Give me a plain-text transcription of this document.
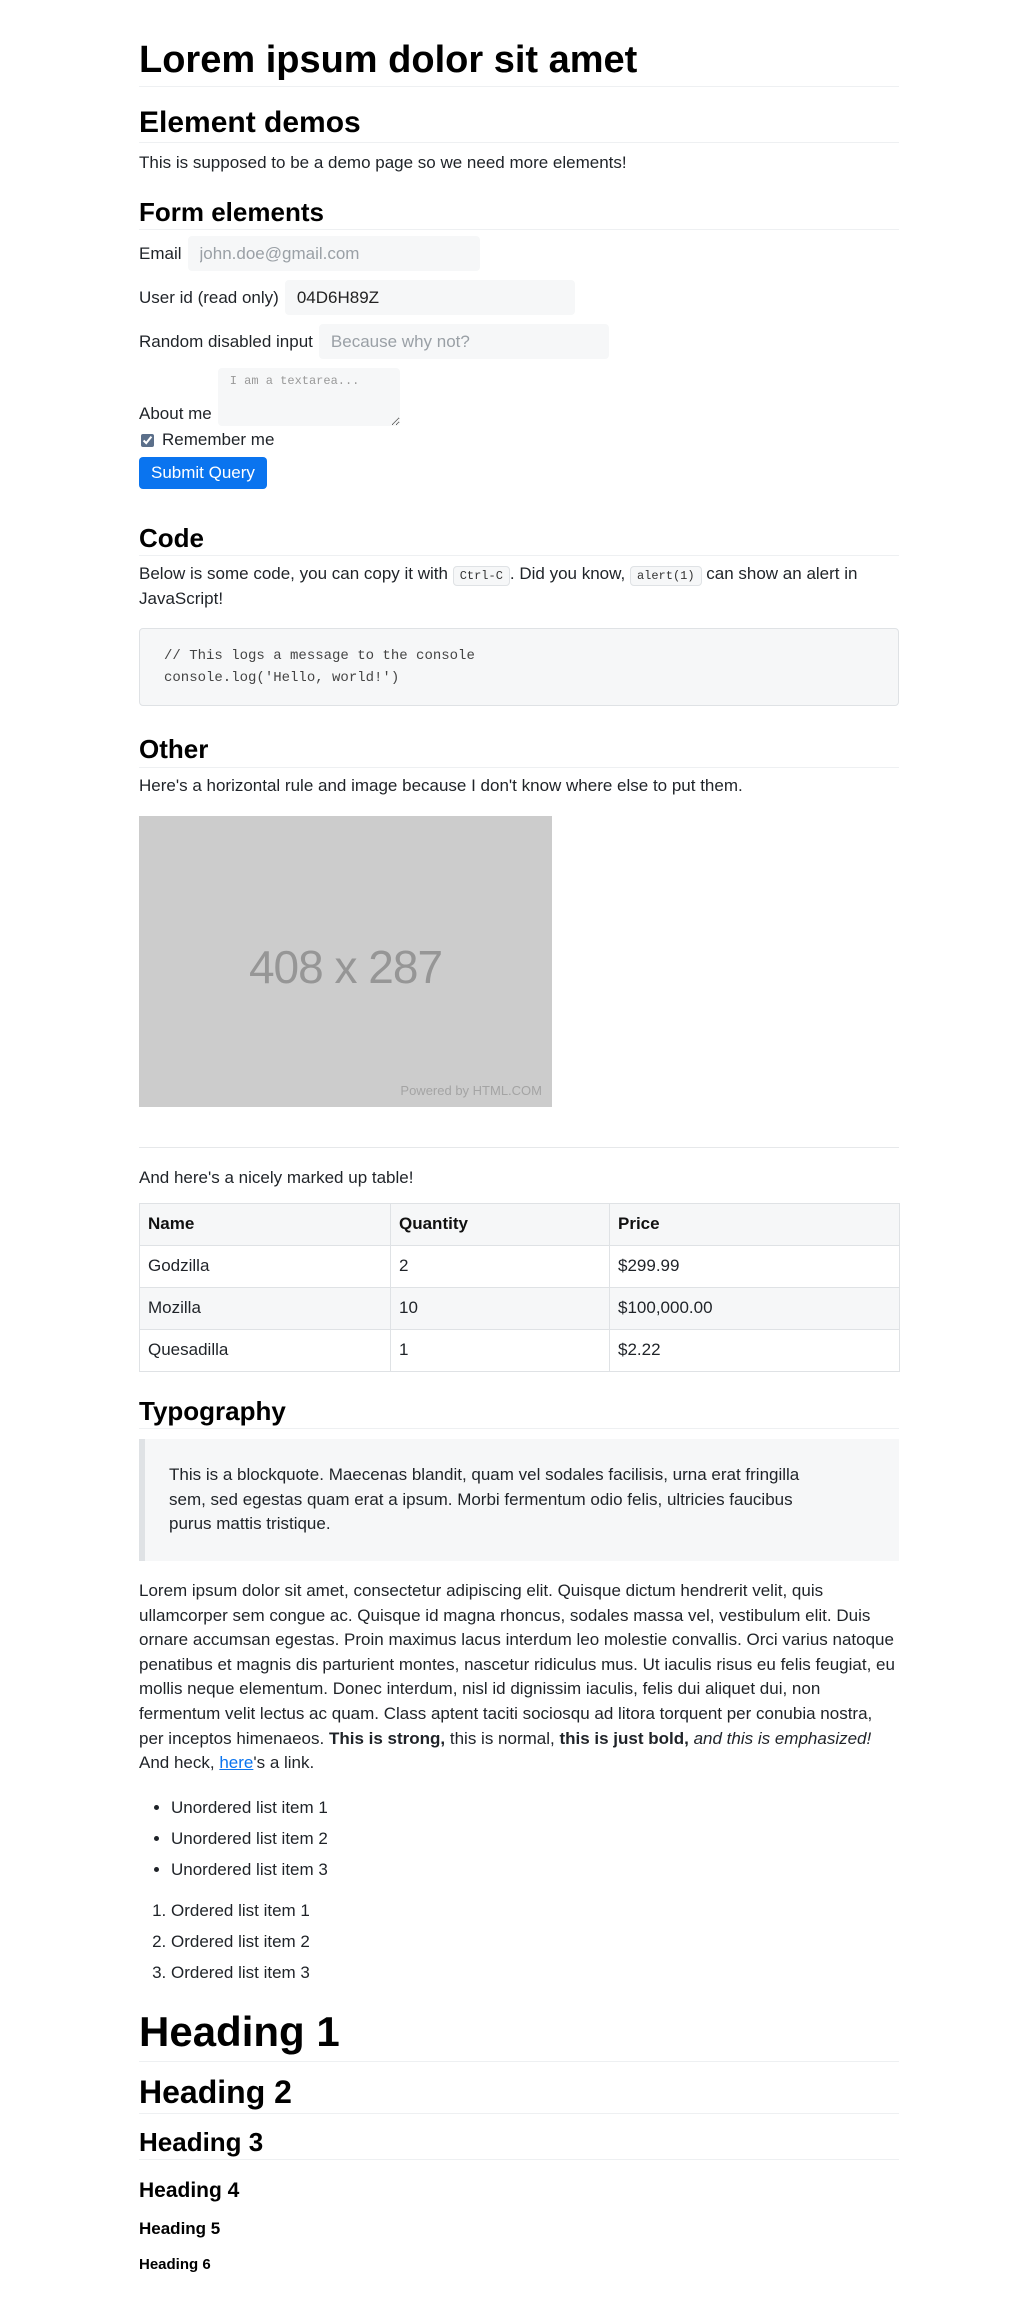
Lorem ipsum dolor sit amet
Element demos

This is supposed to be a demo page so we need more elements!

Form elements
Email
john.doe@gmail.com
User id (read only)
04D6H89Z
Random disabled input
Because why not?
About me
I am a textarea...
Remember me
Submit Query
Code

Below is some code, you can copy it with Ctrl-C . Did you know, alert(1) can show an alert in JavaScript!

// This logs a message to the console
console.log('Hello, world!')
Other

Here's a horizontal rule and image because I don't know where else to put them.

408 x 287
Powered by HTML.COM

And here's a nicely marked up table!

Name	Quantity	Price
Godzilla	2	$299.99
Mozilla	10	$100,000.00
Quesadilla	1	$2.22
Typography
This is a blockquote. Maecenas blandit, quam vel sodales facilisis, urna erat fringilla sem, sed egestas quam erat a ipsum. Morbi fermentum odio felis, ultricies faucibus purus mattis tristique.

Lorem ipsum dolor sit amet, consectetur adipiscing elit. Quisque dictum hendrerit velit, quis ullamcorper sem congue ac. Quisque id magna rhoncus, sodales massa vel, vestibulum elit. Duis ornare accumsan egestas. Proin maximus lacus interdum leo molestie convallis. Orci varius natoque penatibus et magnis dis parturient montes, nascetur ridiculus mus. Ut iaculis risus eu felis feugiat, eu mollis neque elementum. Donec interdum, nisl id dignissim iaculis, felis dui aliquet dui, non fermentum velit lectus ac quam. Class aptent taciti sociosqu ad litora torquent per conubia nostra, per inceptos himenaeos. This is strong, this is normal, this is just bold, and this is emphasized! And heck, here's a link.

• Unordered list item 1
• Unordered list item 2
• Unordered list item 3
1. Ordered list item 1
2. Ordered list item 2
3. Ordered list item 3
Heading 1
Heading 2
Heading 3
Heading 4
Heading 5
Heading 6
